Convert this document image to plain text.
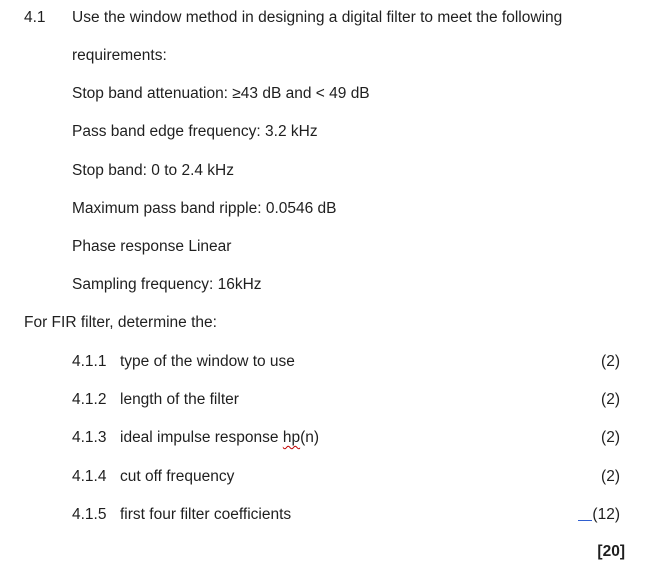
4.1 Use the window method in designing a digital filter to meet the following
requirements:
Stop band attenuation: ≥43 dB and < 49 dB
Pass band edge frequency: 3.2 kHz
Stop band: 0 to 2.4 kHz
Maximum pass band ripple: 0.0546 dB
Phase response Linear
Sampling frequency: 16kHz
For FIR filter, determine the:
4.1.1 type of the window to use	(2)
4.1.2 length of the filter	(2)
4.1.3 ideal impulse response hp(n)	(2)
4.1.4 cut off frequency	(2)
4.1.5 first four filter coefficients	(12)
[20]
